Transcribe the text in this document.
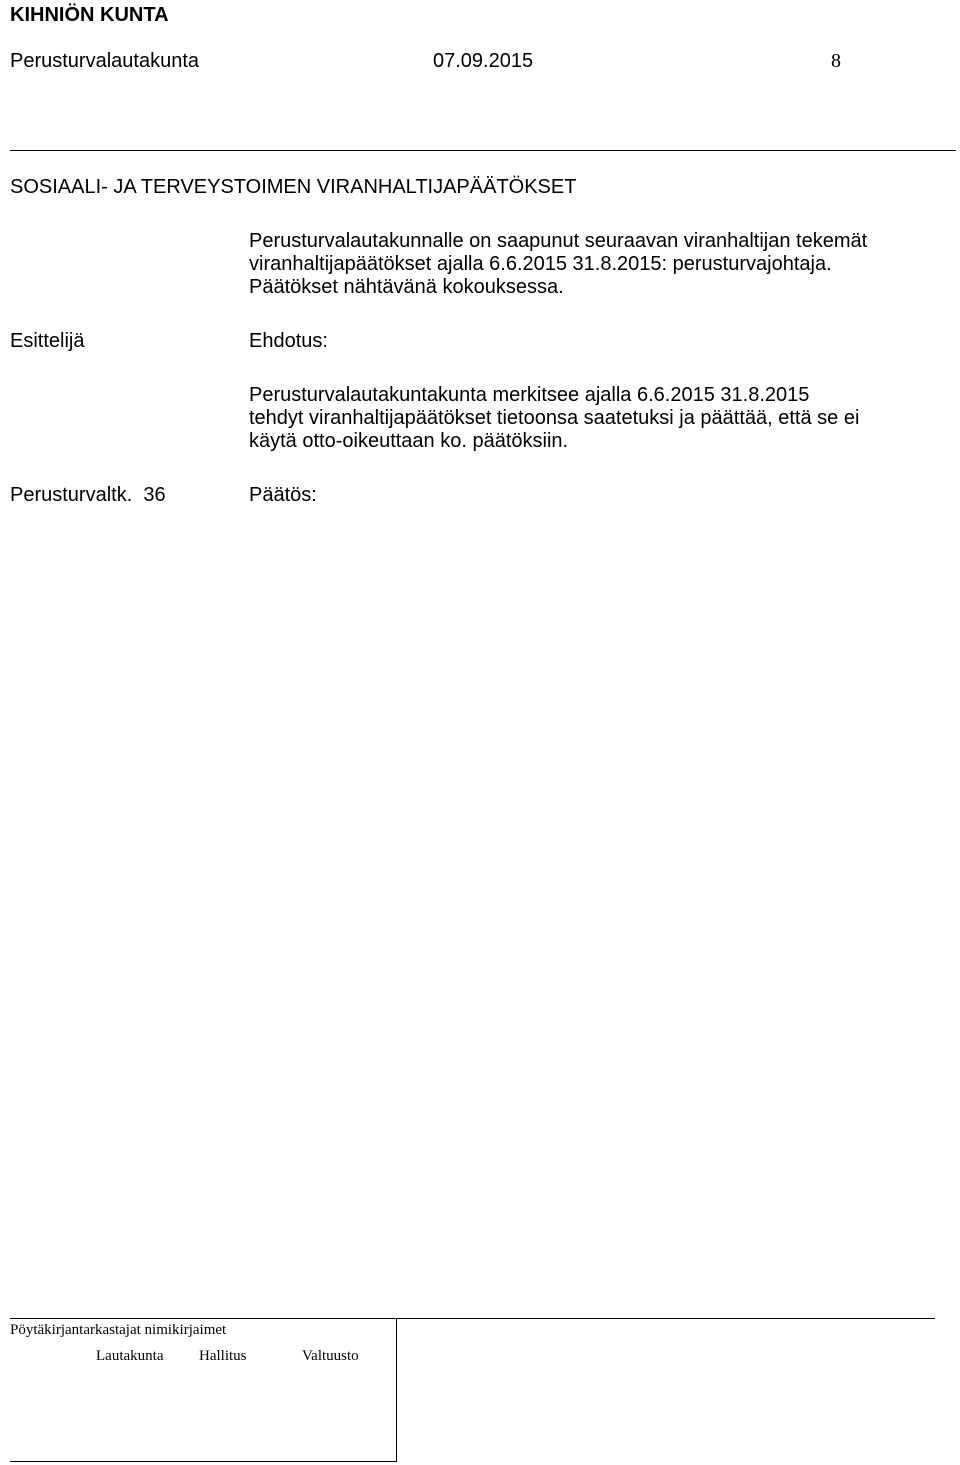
KIHNIÖN KUNTA
Perusturvalautakunta	07.09.2015	8
SOSIAALI- JA TERVEYSTOIMEN VIRANHALTIJAPÄÄTÖKSET
Perusturvalautakunnalle on saapunut seuraavan viranhaltijan tekemät
viranhaltijapäätökset ajalla 6.6.2015 31.8.2015: perusturvajohtaja.
Päätökset nähtävänä kokouksessa.
Esittelijä	Ehdotus:
Perusturvalautakuntakunta merkitsee ajalla 6.6.2015 31.8.2015
tehdyt viranhaltijapäätökset tietoonsa saatetuksi ja päättää, että se ei
käytä otto-oikeuttaan ko. päätöksiin.
Perusturvaltk.  36	Päätös:
Pöytäkirjantarkastajat nimikirjaimet
Lautakunta Hallitus	Valtuusto
